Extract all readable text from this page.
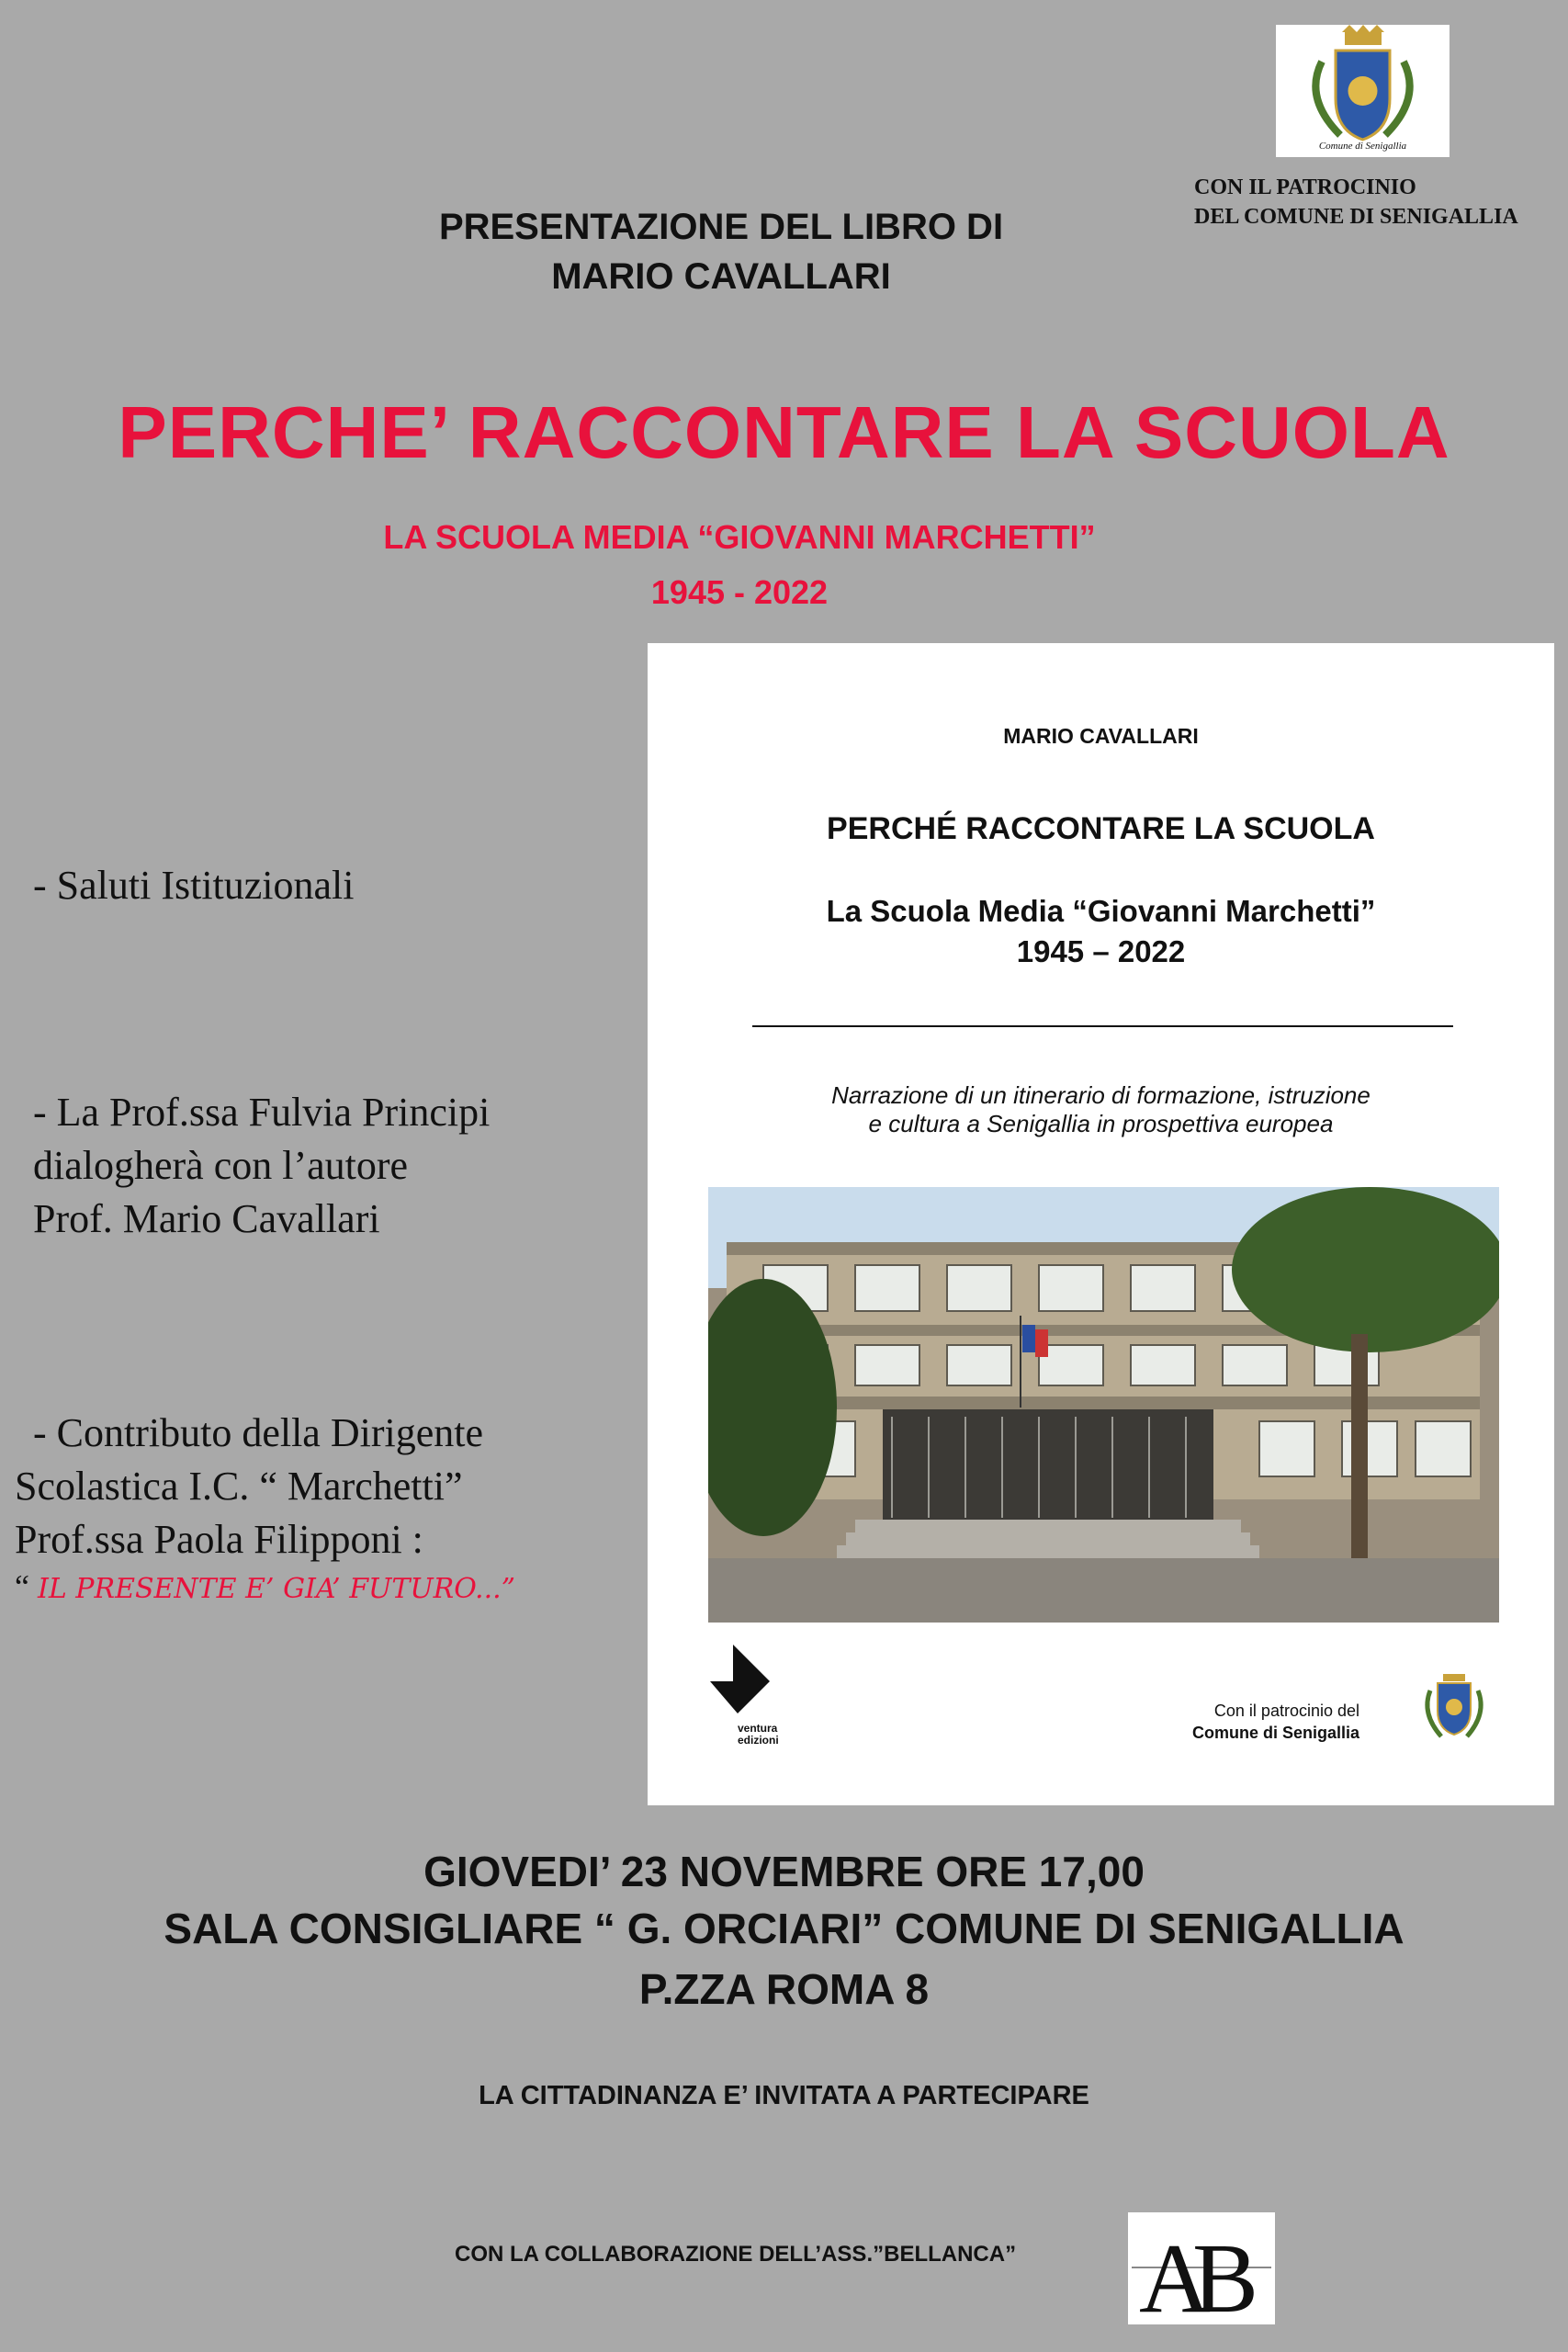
Comune di Senigallia
CON IL PATROCINIO
DEL COMUNE DI SENIGALLIA
PRESENTAZIONE DEL LIBRO DI
MARIO CAVALLARI
PERCHE’ RACCONTARE LA SCUOLA
LA SCUOLA MEDIA “GIOVANNI MARCHETTI”
1945 - 2022
- Saluti Istituzionali
- La Prof.ssa Fulvia Principi
dialogherà con l’autore
Prof. Mario Cavallari
- Contributo della Dirigente
Scolastica I.C. “ Marchetti”
Prof.ssa Paola Filipponi :
“ IL PRESENTE E’ GIA’ FUTURO...”
MARIO CAVALLARI
PERCHÉ RACCONTARE LA SCUOLA
La Scuola Media “Giovanni Marchetti”
1945 – 2022
Narrazione di un itinerario di formazione, istruzione
e cultura a Senigallia in prospettiva europea
ventura
edizioni
Con il patrocinio del
Comune di Senigallia
GIOVEDI’ 23 NOVEMBRE ORE 17,00
SALA CONSIGLIARE “ G. ORCIARI” COMUNE DI SENIGALLIA
P.ZZA ROMA 8
LA CITTADINANZA E’ INVITATA A PARTECIPARE
CON LA COLLABORAZIONE DELL’ASS.”BELLANCA” A
B
